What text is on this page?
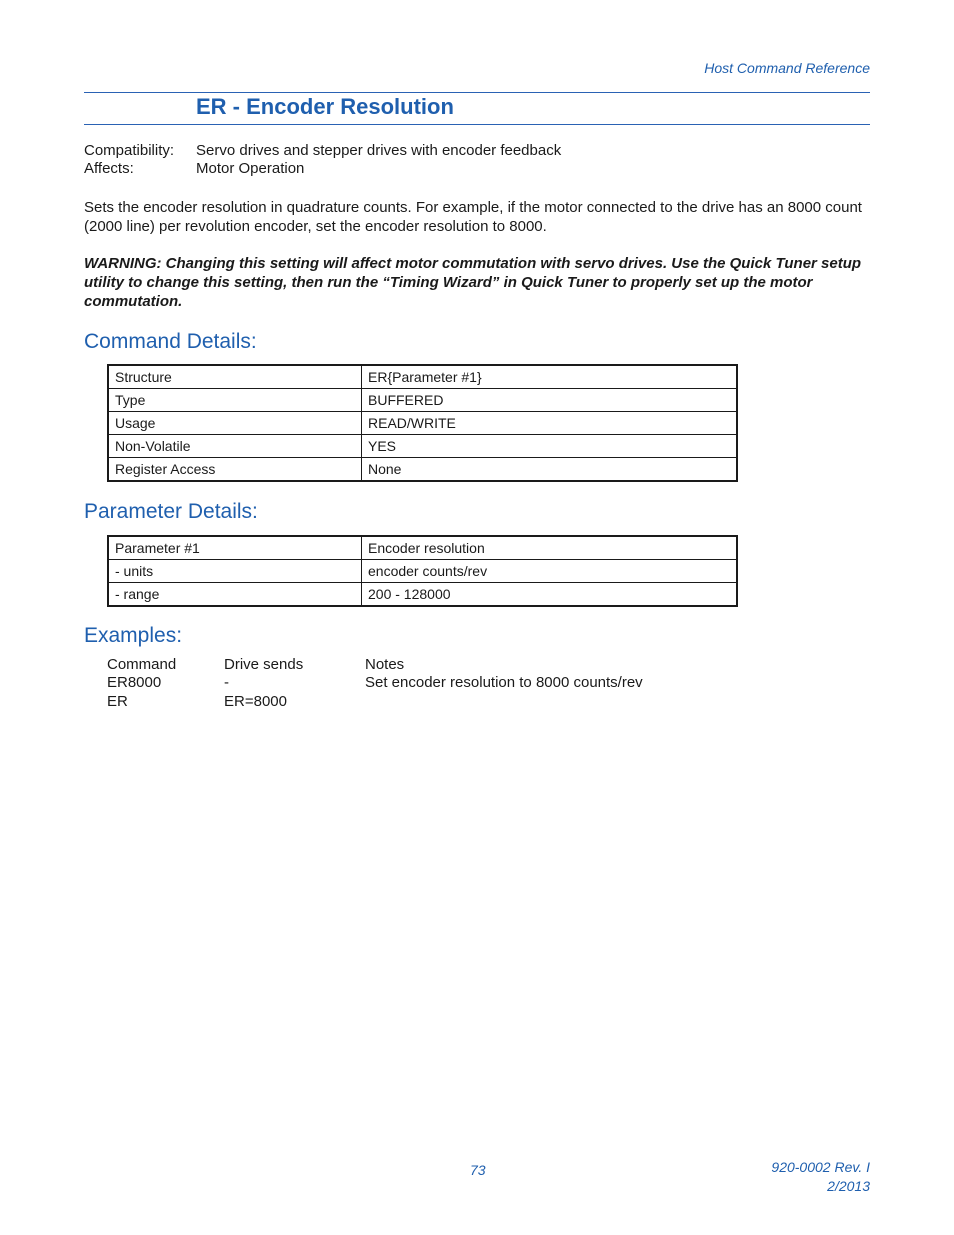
Host Command Reference
ER - Encoder Resolution
Compatibility: Servo drives and stepper drives with encoder feedback
Affects:	Motor Operation
Sets the encoder resolution in quadrature counts. For example, if the motor connected to the drive has an 8000 count (2000 line) per revolution encoder, set the encoder resolution to 8000.
WARNING: Changing this setting will affect motor commutation with servo drives. Use the Quick Tuner setup utility to change this setting, then run the “Timing Wizard” in Quick Tuner to properly set up the motor commutation.
Command Details:
Structure	ER{Parameter #1}
Type	BUFFERED
Usage	READ/WRITE
Non-Volatile	YES
Register Access	None
Parameter Details:
Parameter #1	Encoder resolution
- units	encoder counts/rev
- range	200 - 128000
Examples:
Command	Drive sends	Notes
ER8000	-	Set encoder resolution to 8000 counts/rev
ER	ER=8000
73	920-0002 Rev. I
2/2013
